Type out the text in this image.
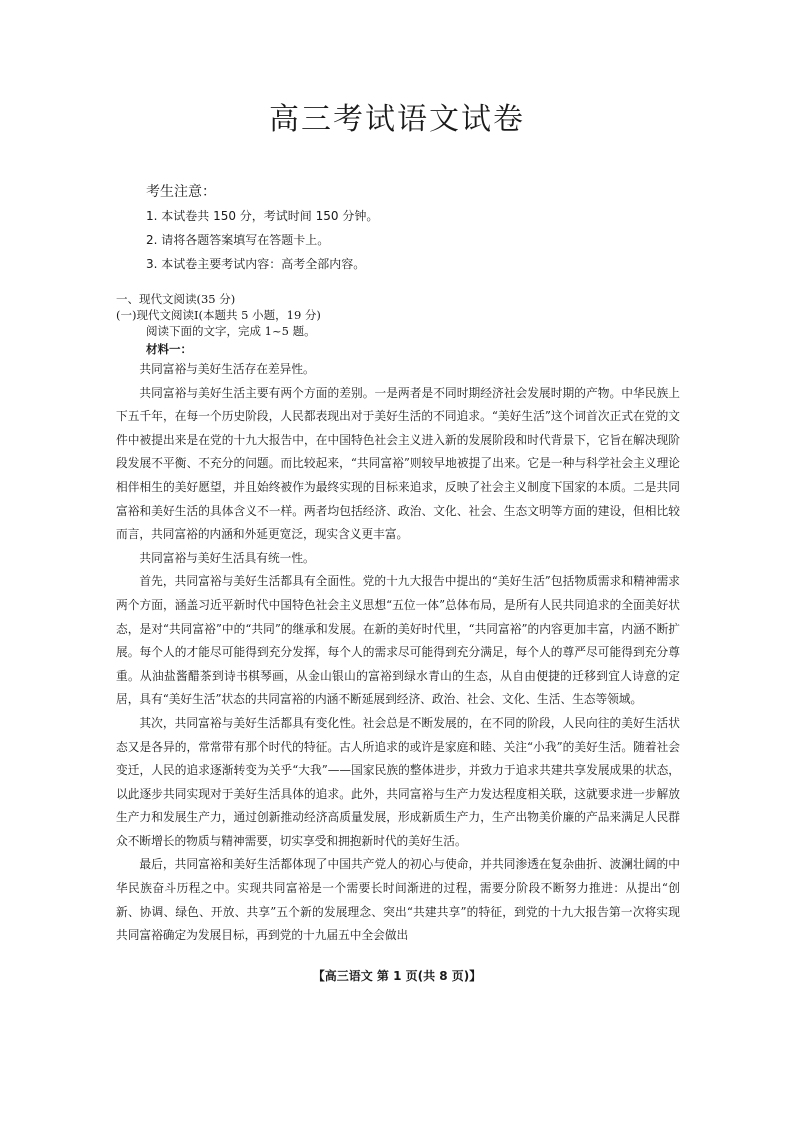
高三考试语文试卷
考生注意：
1. 本试卷共 150 分，考试时间 150 分钟。
2. 请将各题答案填写在答题卡上。
3. 本试卷主要考试内容：高考全部内容。
一、现代文阅读(35 分)
(一)现代文阅读Ⅰ(本题共 5 小题，19 分)
阅读下面的文字，完成 1~5 题。
材料一：

共同富裕与美好生活存在差异性。

共同富裕与美好生活主要有两个方面的差别。一是两者是不同时期经济社会发展时期的产物。中华民族上下五千年，在每一个历史阶段，人民都表现出对于美好生活的不同追求。“美好生活”这个词首次正式在党的文件中被提出来是在党的十九大报告中，在中国特色社会主义进入新的发展阶段和时代背景下，它旨在解决现阶段发展不平衡、不充分的问题。而比较起来，“共同富裕”则较早地被提了出来。它是一种与科学社会主义理论相伴相生的美好愿望，并且始终被作为最终实现的目标来追求，反映了社会主义制度下国家的本质。二是共同富裕和美好生活的具体含义不一样。两者均包括经济、政治、文化、社会、生态文明等方面的建设，但相比较而言，共同富裕的内涵和外延更宽泛，现实含义更丰富。

共同富裕与美好生活具有统一性。

首先，共同富裕与美好生活都具有全面性。党的十九大报告中提出的“美好生活”包括物质需求和精神需求两个方面，涵盖习近平新时代中国特色社会主义思想“五位一体”总体布局，是所有人民共同追求的全面美好状态，是对“共同富裕”中的“共同”的继承和发展。在新的美好时代里，“共同富裕”的内容更加丰富，内涵不断扩展。每个人的才能尽可能得到充分发挥，每个人的需求尽可能得到充分满足，每个人的尊严尽可能得到充分尊重。从油盐酱醋茶到诗书棋琴画，从金山银山的富裕到绿水青山的生态，从自由便捷的迁移到宜人诗意的定居，具有“美好生活”状态的共同富裕的内涵不断延展到经济、政治、社会、文化、生活、生态等领域。

其次，共同富裕与美好生活都具有变化性。社会总是不断发展的，在不同的阶段，人民向往的美好生活状态又是各异的，常常带有那个时代的特征。古人所追求的或许是家庭和睦、关注“小我”的美好生活。随着社会变迁，人民的追求逐渐转变为关乎“大我”——国家民族的整体进步，并致力于追求共建共享发展成果的状态，以此逐步共同实现对于美好生活具体的追求。此外，共同富裕与生产力发达程度相关联，这就要求进一步解放生产力和发展生产力，通过创新推动经济高质量发展，形成新质生产力，生产出物美价廉的产品来满足人民群众不断增长的物质与精神需要，切实享受和拥抱新时代的美好生活。

最后，共同富裕和美好生活都体现了中国共产党人的初心与使命，并共同渗透在复杂曲折、波澜壮阔的中华民族奋斗历程之中。实现共同富裕是一个需要长时间渐进的过程，需要分阶段不断努力推进：从提出“创新、协调、绿色、开放、共享”五个新的发展理念、突出“共建共享”的特征，到党的十九大报告第一次将实现共同富裕确定为发展目标，再到党的十九届五中全会做出

【高三语文 第 1 页(共 8 页)】
